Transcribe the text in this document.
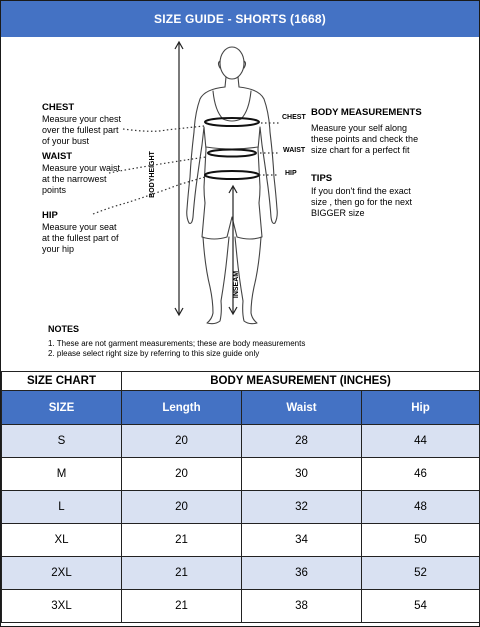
SIZE GUIDE - SHORTS (1668)
CHEST
Measure your chest
over the fullest part
of your bust
WAIST
Measure your waist
at the narrowest
points
HIP
Measure your seat
at the fullest part of
your hip
CHEST
WAIST
HIP
BODYHEIGHT
INSEAM
BODY MEASUREMENTS
Measure your self along
these points and check the
size chart for a perfect fit
TIPS
If you don't find the exact
size , then go for the next
BIGGER size
NOTES
1. These are not garment measurements; these are body measurements
2. please select right size by referring to this size guide only
SIZE CHART	BODY MEASUREMENT (INCHES)		
SIZE	Length	Waist	Hip
S	20	28	44
M	20	30	46
L	20	32	48
XL	21	34	50
2XL	21	36	52
3XL	21	38	54
